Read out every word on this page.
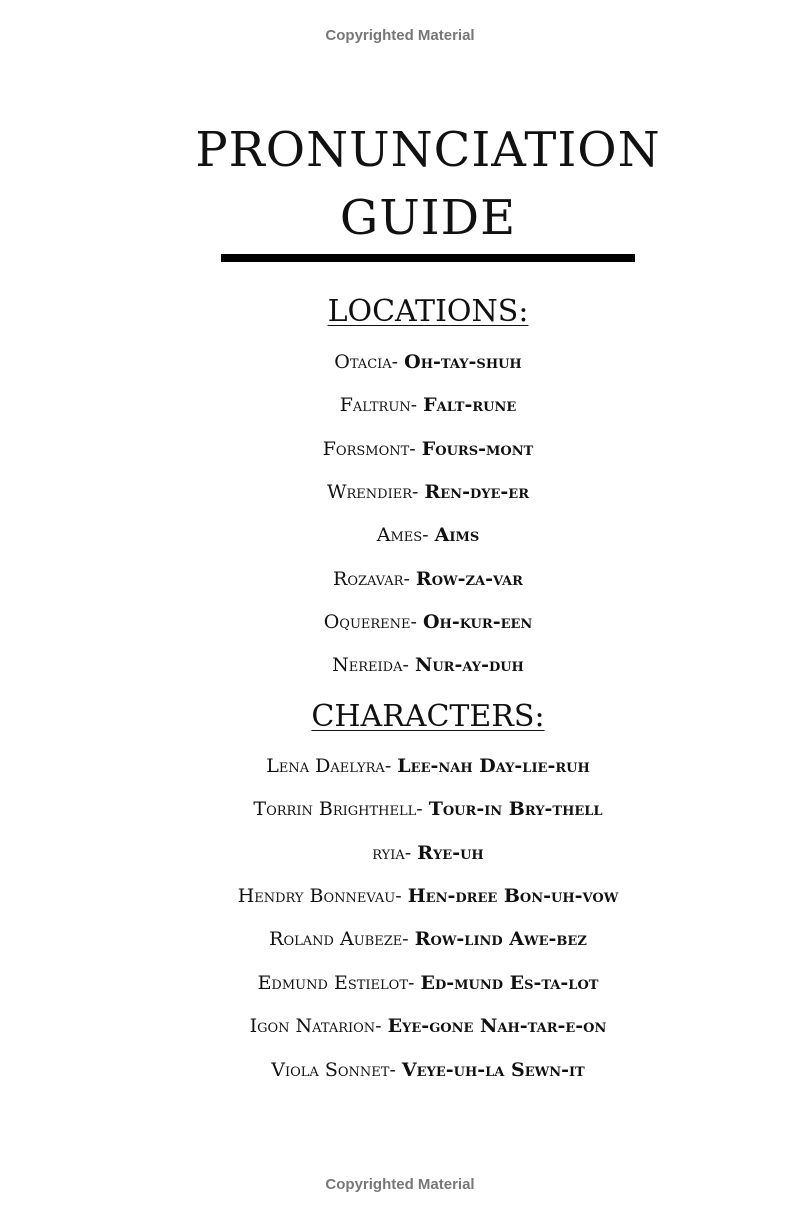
Copyrighted Material
PRONUNCIATION
GUIDE
LOCATIONS:
Otacia- Oh-tay-shuh
Faltrun- Falt-rune
Forsmont- Fours-mont
Wrendier- Ren-dye-er
Ames- Aims
Rozavar- Row-za-var
Oquerene- Oh-kur-een
Nereida- Nur-ay-duh
CHARACTERS:
Lena Daelyra- Lee-nah Day-lie-ruh
Torrin Brighthell- Tour-in Bry-thell
ryia- Rye-uh
Hendry Bonnevau- Hen-dree Bon-uh-vow
Roland Aubeze- Row-lind Awe-bez
Edmund Estielot- Ed-mund Es-ta-lot
Igon Natarion- Eye-gone Nah-tar-e-on
Viola Sonnet- Veye-uh-la Sewn-it
Copyrighted Material
